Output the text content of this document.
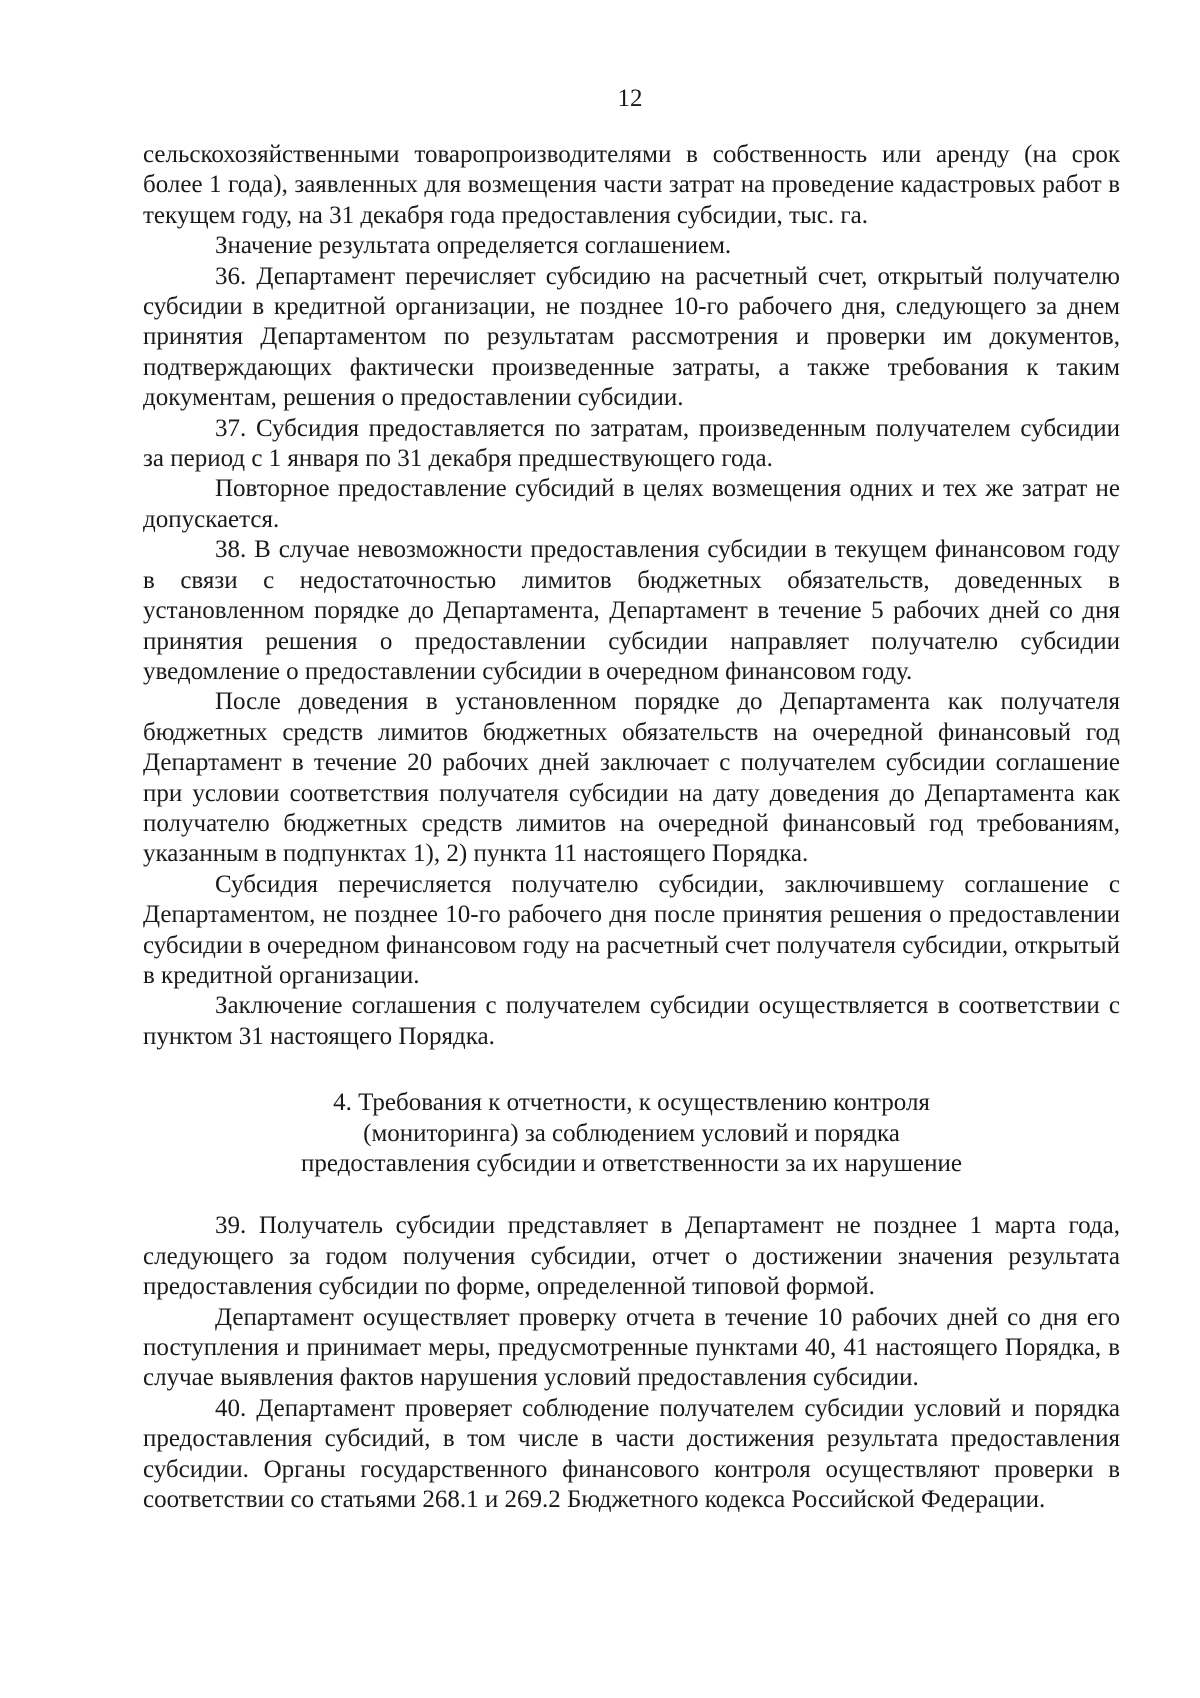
12

сельскохозяйственными товаропроизводителями в собственность или аренду (на срок более 1 года), заявленных для возмещения части затрат на проведение кадастровых работ в текущем году, на 31 декабря года предоставления субсидии, тыс. га.

Значение результата определяется соглашением.

36. Департамент перечисляет субсидию на расчетный счет, открытый получателю субсидии в кредитной организации, не позднее 10-го рабочего дня, следующего за днем принятия Департаментом по результатам рассмотрения и проверки им документов, подтверждающих фактически произведенные затраты, а также требования к таким документам, решения о предоставлении субсидии.

37. Субсидия предоставляется по затратам, произведенным получателем субсидии за период с 1 января по 31 декабря предшествующего года.

Повторное предоставление субсидий в целях возмещения одних и тех же затрат не допускается.

38. В случае невозможности предоставления субсидии в текущем финансовом году в связи с недостаточностью лимитов бюджетных обязательств, доведенных в установленном порядке до Департамента, Департамент в течение 5 рабочих дней со дня принятия решения о предоставлении субсидии направляет получателю субсидии уведомление о предоставлении субсидии в очередном финансовом году.

После доведения в установленном порядке до Департамента как получателя бюджетных средств лимитов бюджетных обязательств на очередной финансовый год Департамент в течение 20 рабочих дней заключает с получателем субсидии соглашение при условии соответствия получателя субсидии на дату доведения до Департамента как получателю бюджетных средств лимитов на очередной финансовый год требованиям, указанным в подпунктах 1), 2) пункта 11 настоящего Порядка.

Субсидия перечисляется получателю субсидии, заключившему соглашение с Департаментом, не позднее 10-го рабочего дня после принятия решения о предоставлении субсидии в очередном финансовом году на расчетный счет получателя субсидии, открытый в кредитной организации.

Заключение соглашения с получателем субсидии осуществляется в соответствии с пунктом 31 настоящего Порядка.

4. Требования к отчетности, к осуществлению контроля
(мониторинга) за соблюдением условий и порядка
предоставления субсидии и ответственности за их нарушение

39. Получатель субсидии представляет в Департамент не позднее 1 марта года, следующего за годом получения субсидии, отчет о достижении значения результата предоставления субсидии по форме, определенной типовой формой.

Департамент осуществляет проверку отчета в течение 10 рабочих дней со дня его поступления и принимает меры, предусмотренные пунктами 40, 41 настоящего Порядка, в случае выявления фактов нарушения условий предоставления субсидии.

40. Департамент проверяет соблюдение получателем субсидии условий и порядка предоставления субсидий, в том числе в части достижения результата предоставления субсидии. Органы государственного финансового контроля осуществляют проверки в соответствии со статьями 268.1 и 269.2 Бюджетного кодекса Российской Федерации.
